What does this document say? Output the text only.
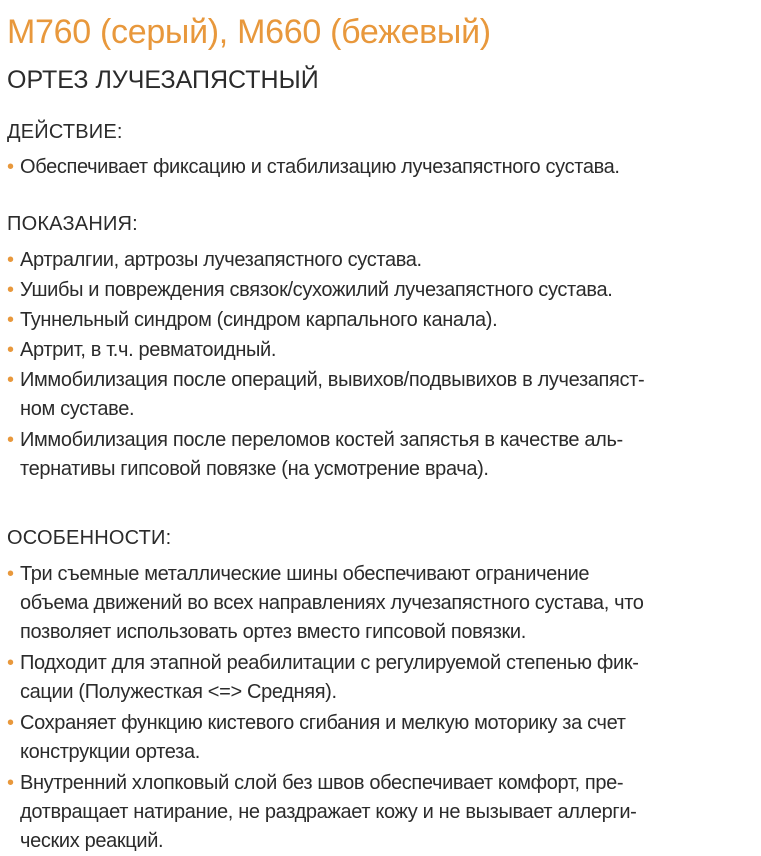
М760 (серый), М660 (бежевый)
ОРТЕЗ ЛУЧЕЗАПЯСТНЫЙ
ДЕЙСТВИЕ:
• Обеспечивает фиксацию и стабилизацию лучезапястного сустава.
ПОКАЗАНИЯ:
• Артралгии, артрозы лучезапястного сустава.
• Ушибы и повреждения связок/сухожилий лучезапястного сустава.
• Туннельный синдром (синдром карпального канала).
• Артрит, в т.ч. ревматоидный.
• Иммобилизация после операций, вывихов/подвывихов в лучезапяст-
ном суставе.
• Иммобилизация после переломов костей запястья в качестве аль-
тернативы гипсовой повязке (на усмотрение врача).
ОСОБЕННОСТИ:
• Три съемные металлические шины обеспечивают ограничение
объема движений во всех направлениях лучезапястного сустава, что
позволяет использовать ортез вместо гипсовой повязки.
• Подходит для этапной реабилитации с регулируемой степенью фик-
сации (Полужесткая <=> Средняя).
• Сохраняет функцию кистевого сгибания и мелкую моторику за счет
конструкции ортеза.
• Внутренний хлопковый слой без швов обеспечивает комфорт, пре-
дотвращает натирание, не раздражает кожу и не вызывает аллерги-
ческих реакций.
